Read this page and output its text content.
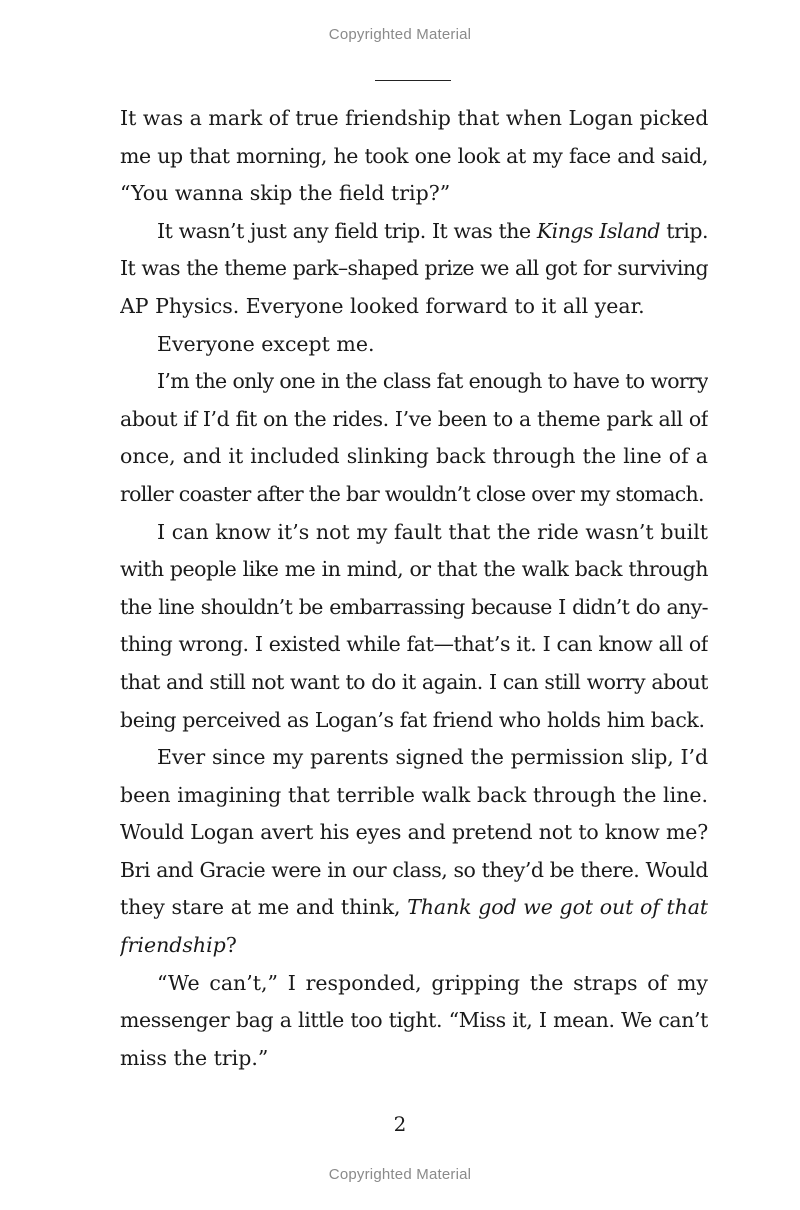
Copyrighted Material
It was a mark of true friendship that when Logan picked
me up that morning, he took one look at my face and said,
“You wanna skip the field trip?”
It wasn’t just any field trip. It was the Kings Island trip.
It was the theme park–shaped prize we all got for surviving
AP Physics. Everyone looked forward to it all year.
Everyone except me.
I’m the only one in the class fat enough to have to worry
about if I’d fit on the rides. I’ve been to a theme park all of
once, and it included slinking back through the line of a
roller coaster after the bar wouldn’t close over my stomach.
I can know it’s not my fault that the ride wasn’t built
with people like me in mind, or that the walk back through
the line shouldn’t be embarrassing because I didn’t do any-
thing wrong. I existed while fat—that’s it. I can know all of
that and still not want to do it again. I can still worry about
being perceived as Logan’s fat friend who holds him back.
Ever since my parents signed the permission slip, I’d
been imagining that terrible walk back through the line.
Would Logan avert his eyes and pretend not to know me?
Bri and Gracie were in our class, so they’d be there. Would
they stare at me and think, Thank god we got out of that
friendship?
“We can’t,” I responded, gripping the straps of my
messenger bag a little too tight. “Miss it, I mean. We can’t
miss the trip.”
2
Copyrighted Material
